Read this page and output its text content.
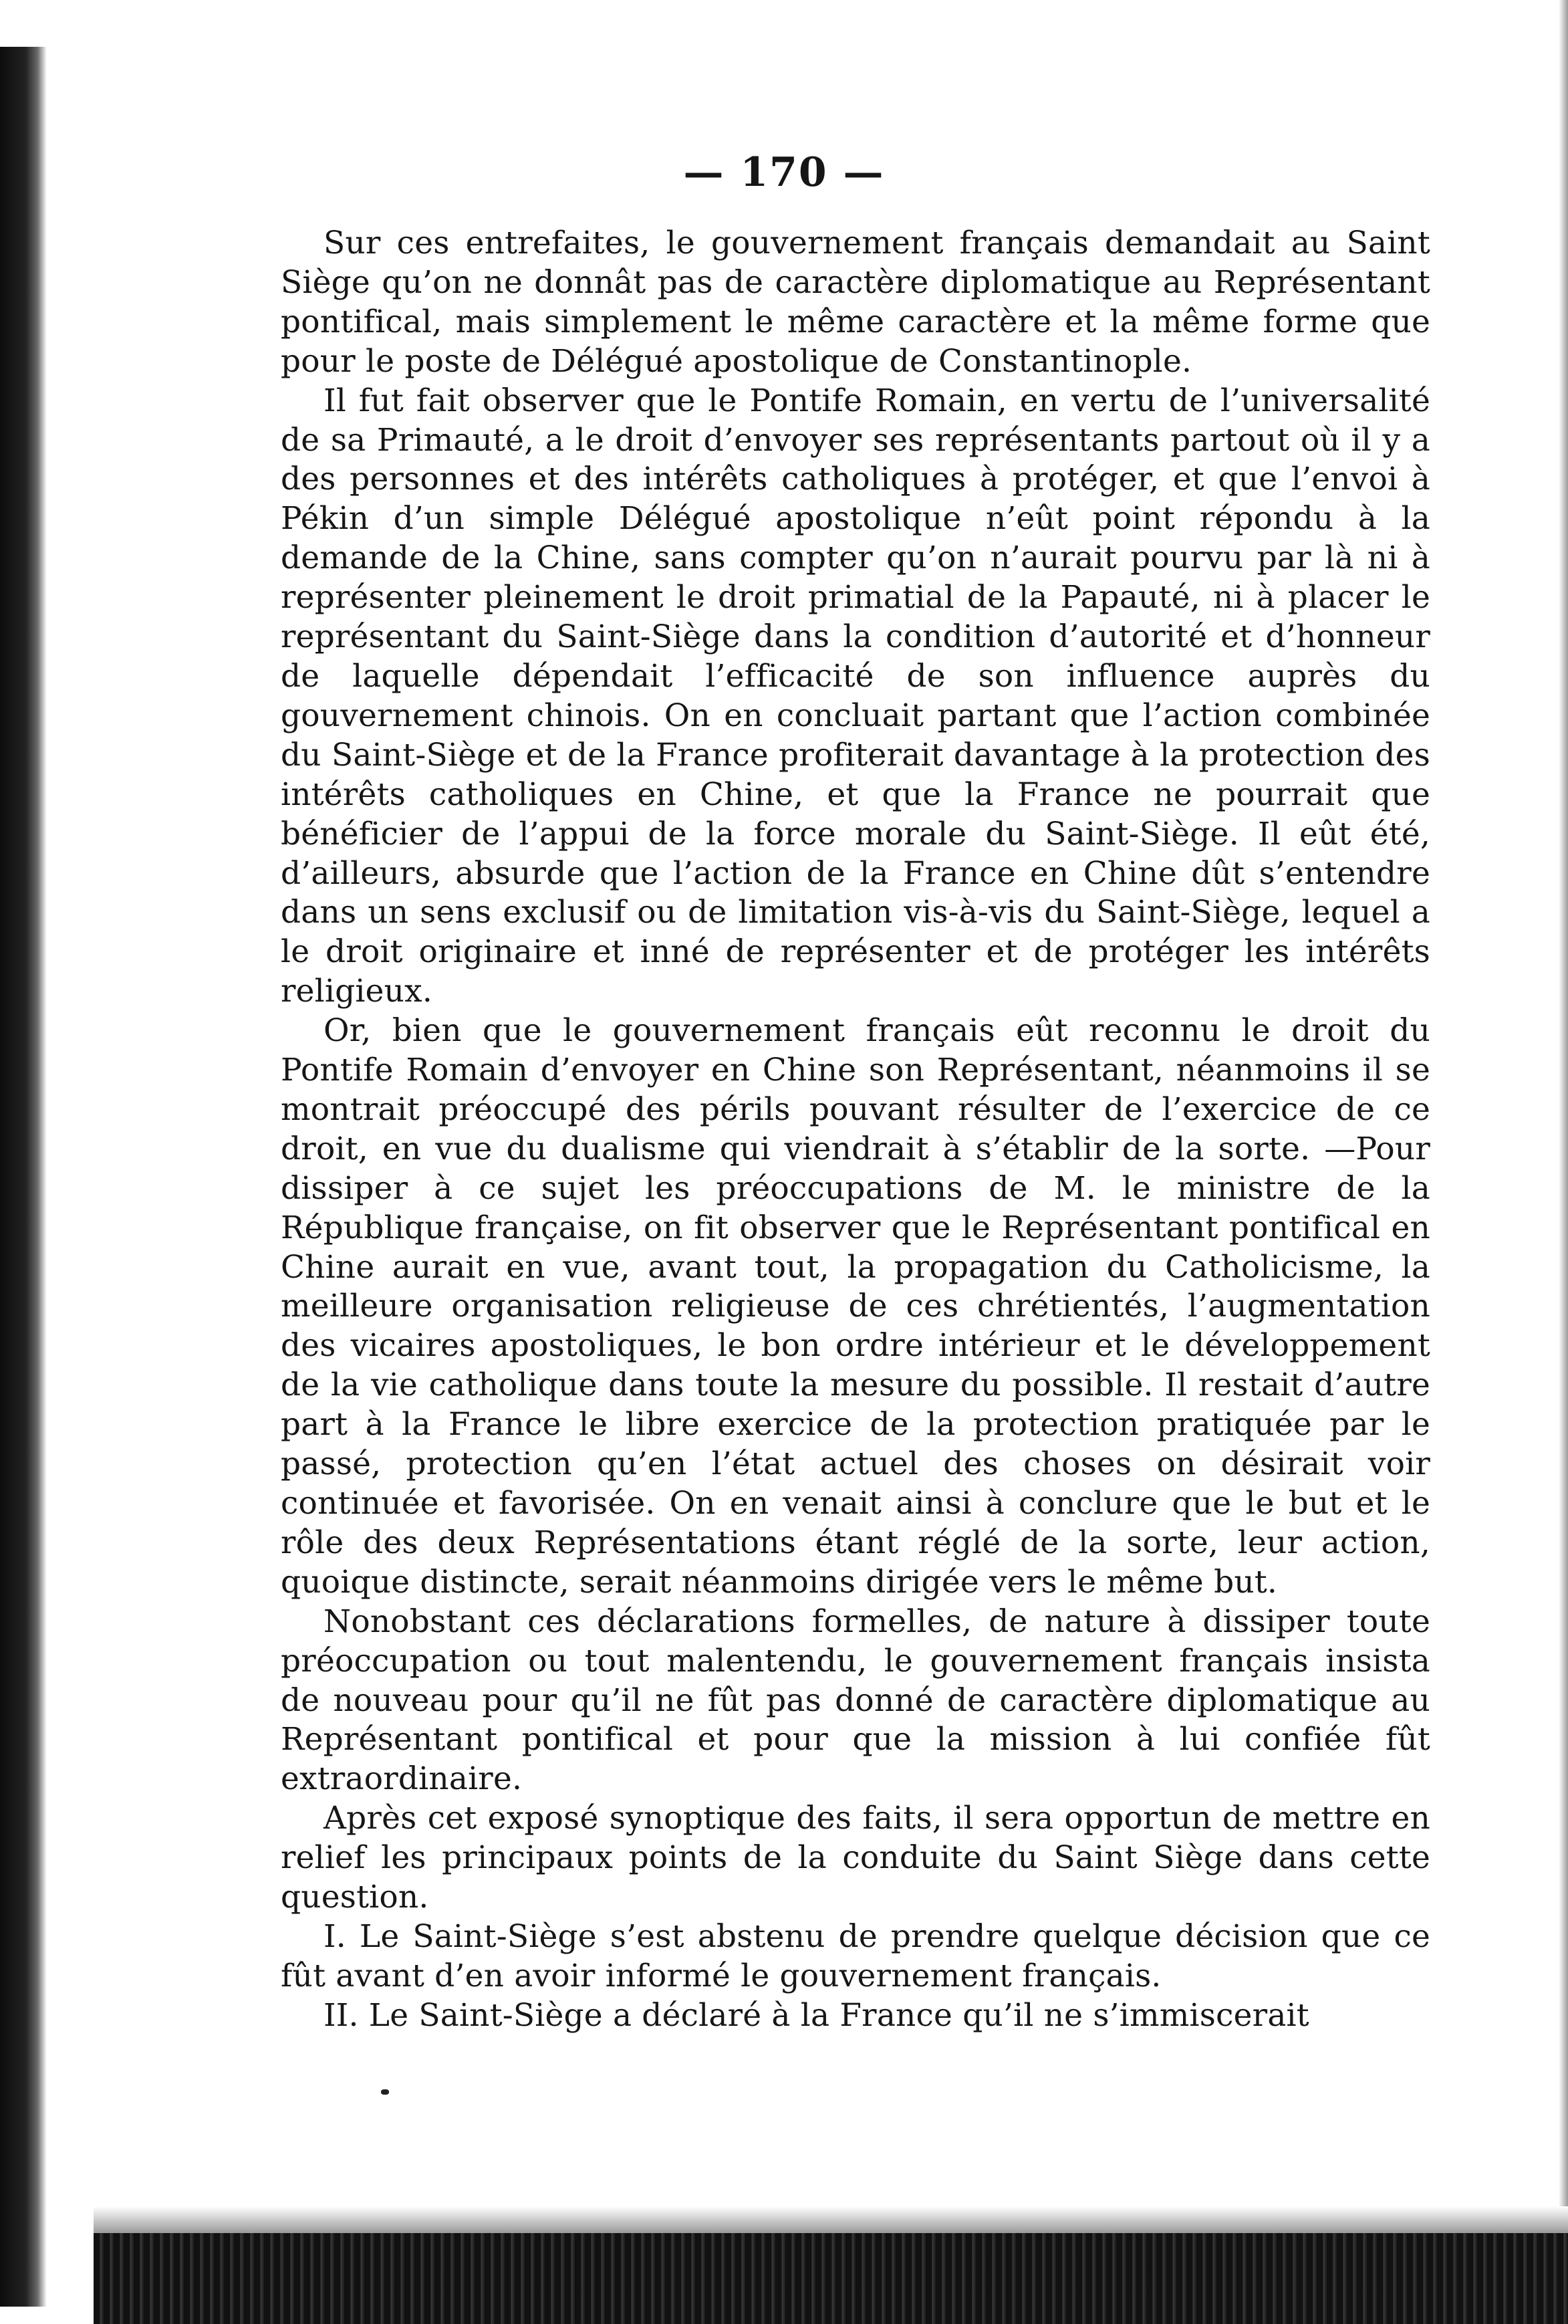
— 170 —

Sur ces entrefaites, le gouvernement français demandait au Saint Siège qu’on ne donnât pas de caractère diplomatique au Représentant pontifical, mais simplement le même caractère et la même forme que pour le poste de Délégué apostolique de Constantinople.

Il fut fait observer que le Pontife Romain, en vertu de l’universalité de sa Primauté, a le droit d’envoyer ses représentants partout où il y a des personnes et des intérêts catholiques à protéger, et que l’envoi à Pékin d’un simple Délégué apostolique n’eût point répondu à la demande de la Chine, sans compter qu’on n’aurait pourvu par là ni à représenter pleinement le droit primatial de la Papauté, ni à placer le représentant du Saint-Siège dans la condition d’autorité et d’honneur de laquelle dépendait l’efficacité de son influence auprès du gouvernement chinois. On en concluait partant que l’action combinée du Saint-Siège et de la France profiterait davantage à la protection des intérêts catholiques en Chine, et que la France ne pourrait que bénéficier de l’appui de la force morale du Saint-Siège. Il eût été, d’ailleurs, absurde que l’action de la France en Chine dût s’entendre dans un sens exclusif ou de limitation vis-à-vis du Saint-Siège, lequel a le droit originaire et inné de représenter et de protéger les intérêts religieux.

Or, bien que le gouvernement français eût reconnu le droit du Pontife Romain d’envoyer en Chine son Représentant, néanmoins il se montrait préoccupé des périls pouvant résulter de l’exercice de ce droit, en vue du dualisme qui viendrait à s’établir de la sorte. —Pour dissiper à ce sujet les préoccupations de M. le ministre de la République française, on fit observer que le Représentant pontifical en Chine aurait en vue, avant tout, la propagation du Catholicisme, la meilleure organisation religieuse de ces chrétientés, l’augmentation des vicaires apostoliques, le bon ordre intérieur et le développement de la vie catholique dans toute la mesure du possible. Il restait d’autre part à la France le libre exercice de la protection pratiquée par le passé, protection qu’en l’état actuel des choses on désirait voir continuée et favorisée. On en venait ainsi à conclure que le but et le rôle des deux Représentations étant réglé de la sorte, leur action, quoique distincte, serait néanmoins dirigée vers le même but.

Nonobstant ces déclarations formelles, de nature à dissiper toute préoccupation ou tout malentendu, le gouvernement français insista de nouveau pour qu’il ne fût pas donné de caractère diplomatique au Représentant pontifical et pour que la mission à lui confiée fût extraordinaire.

Après cet exposé synoptique des faits, il sera opportun de mettre en relief les principaux points de la conduite du Saint Siège dans cette question.

I. Le Saint-Siège s’est abstenu de prendre quelque décision que ce fût avant d’en avoir informé le gouvernement français.

II. Le Saint-Siège a déclaré à la France qu’il ne s’immiscerait
